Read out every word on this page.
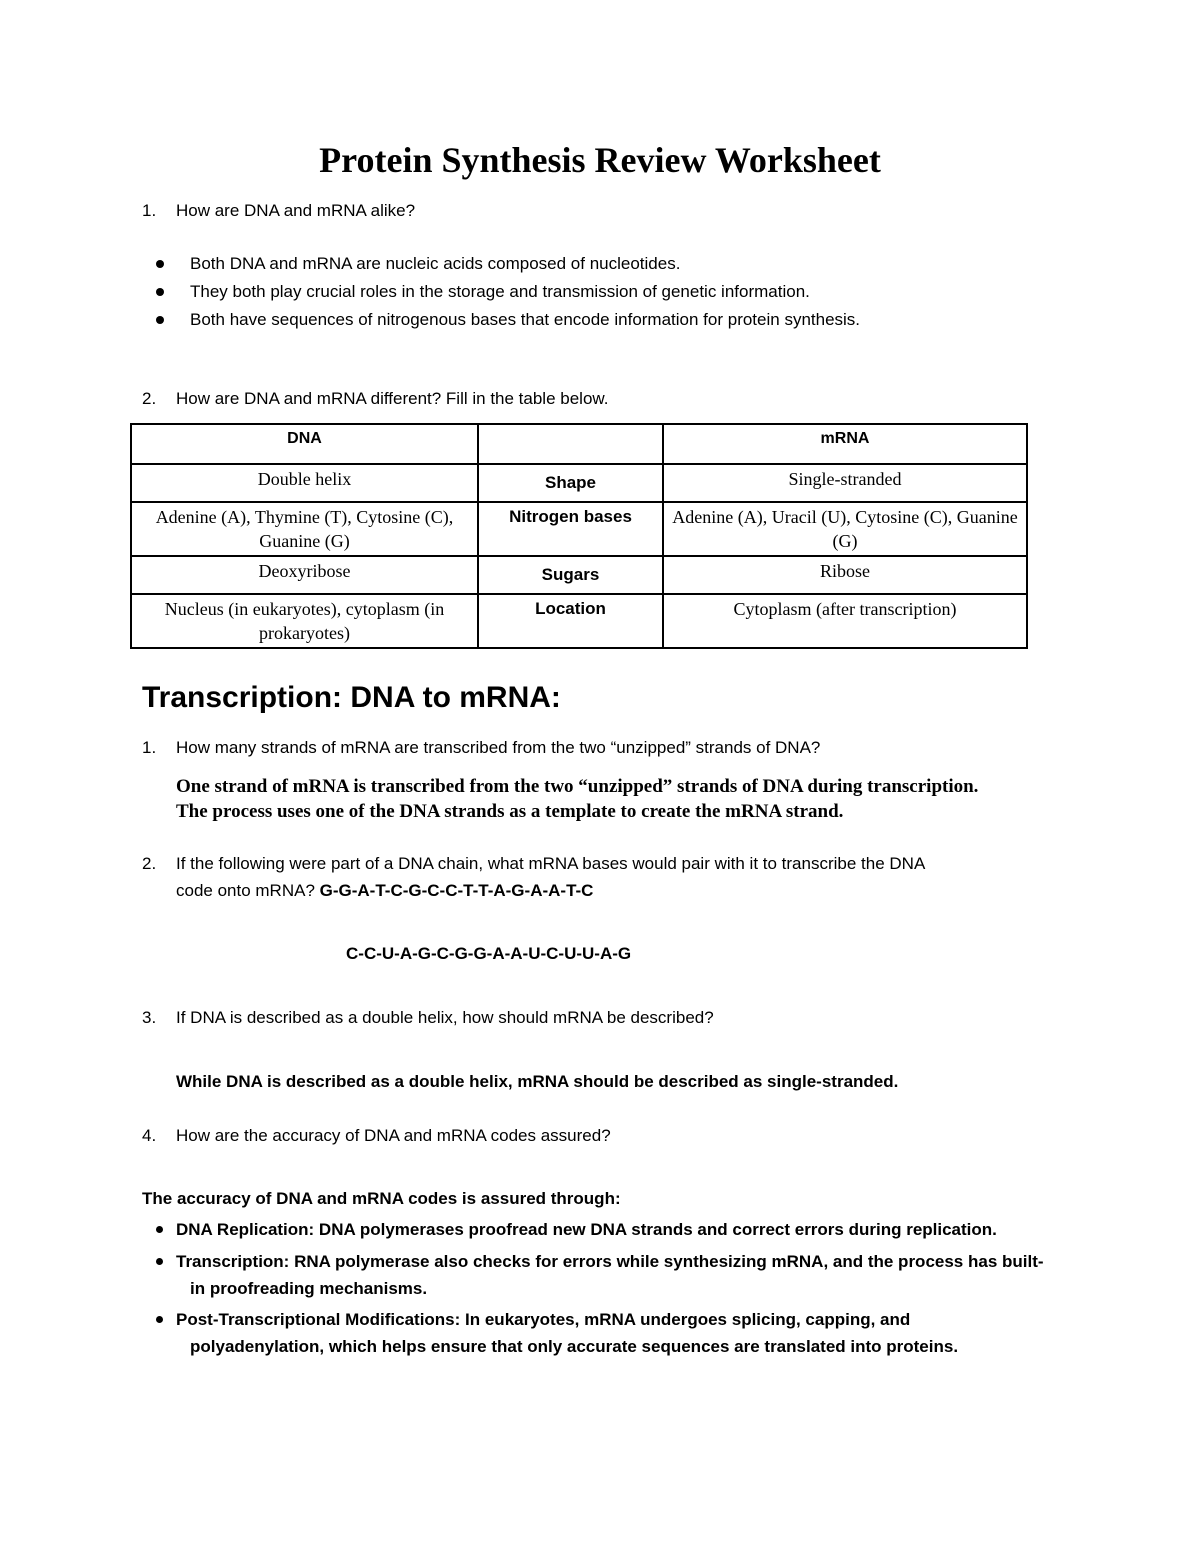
Protein Synthesis Review Worksheet
1. How are DNA and mRNA alike?
Both DNA and mRNA are nucleic acids composed of nucleotides.
They both play crucial roles in the storage and transmission of genetic information.
Both have sequences of nitrogenous bases that encode information for protein synthesis.
2. How are DNA and mRNA different? Fill in the table below.
DNA		mRNA
Double helix	Shape	Single-stranded
Adenine (A), Thymine (T), Cytosine (C), Guanine (G)	Nitrogen bases	Adenine (A), Uracil (U), Cytosine (C), Guanine (G)
Deoxyribose	Sugars	Ribose
Nucleus (in eukaryotes), cytoplasm (in prokaryotes)	Location	Cytoplasm (after transcription)
Transcription: DNA to mRNA:
1. How many strands of mRNA are transcribed from the two “unzipped” strands of DNA?
One strand of mRNA is transcribed from the two “unzipped” strands of DNA during transcription.
The process uses one of the DNA strands as a template to create the mRNA strand.
2. If the following were part of a DNA chain, what mRNA bases would pair with it to transcribe the DNA
code onto mRNA? G-G-A-T-C-G-C-C-T-T-A-G-A-A-T-C
C-C-U-A-G-C-G-G-A-A-U-C-U-U-A-G
3. If DNA is described as a double helix, how should mRNA be described?
While DNA is described as a double helix, mRNA should be described as single-stranded.
4. How are the accuracy of DNA and mRNA codes assured?
The accuracy of DNA and mRNA codes is assured through:
DNA Replication: DNA polymerases proofread new DNA strands and correct errors during replication.
Transcription: RNA polymerase also checks for errors while synthesizing mRNA, and the process has built-
in proofreading mechanisms.
Post-Transcriptional Modifications: In eukaryotes, mRNA undergoes splicing, capping, and
polyadenylation, which helps ensure that only accurate sequences are translated into proteins.
